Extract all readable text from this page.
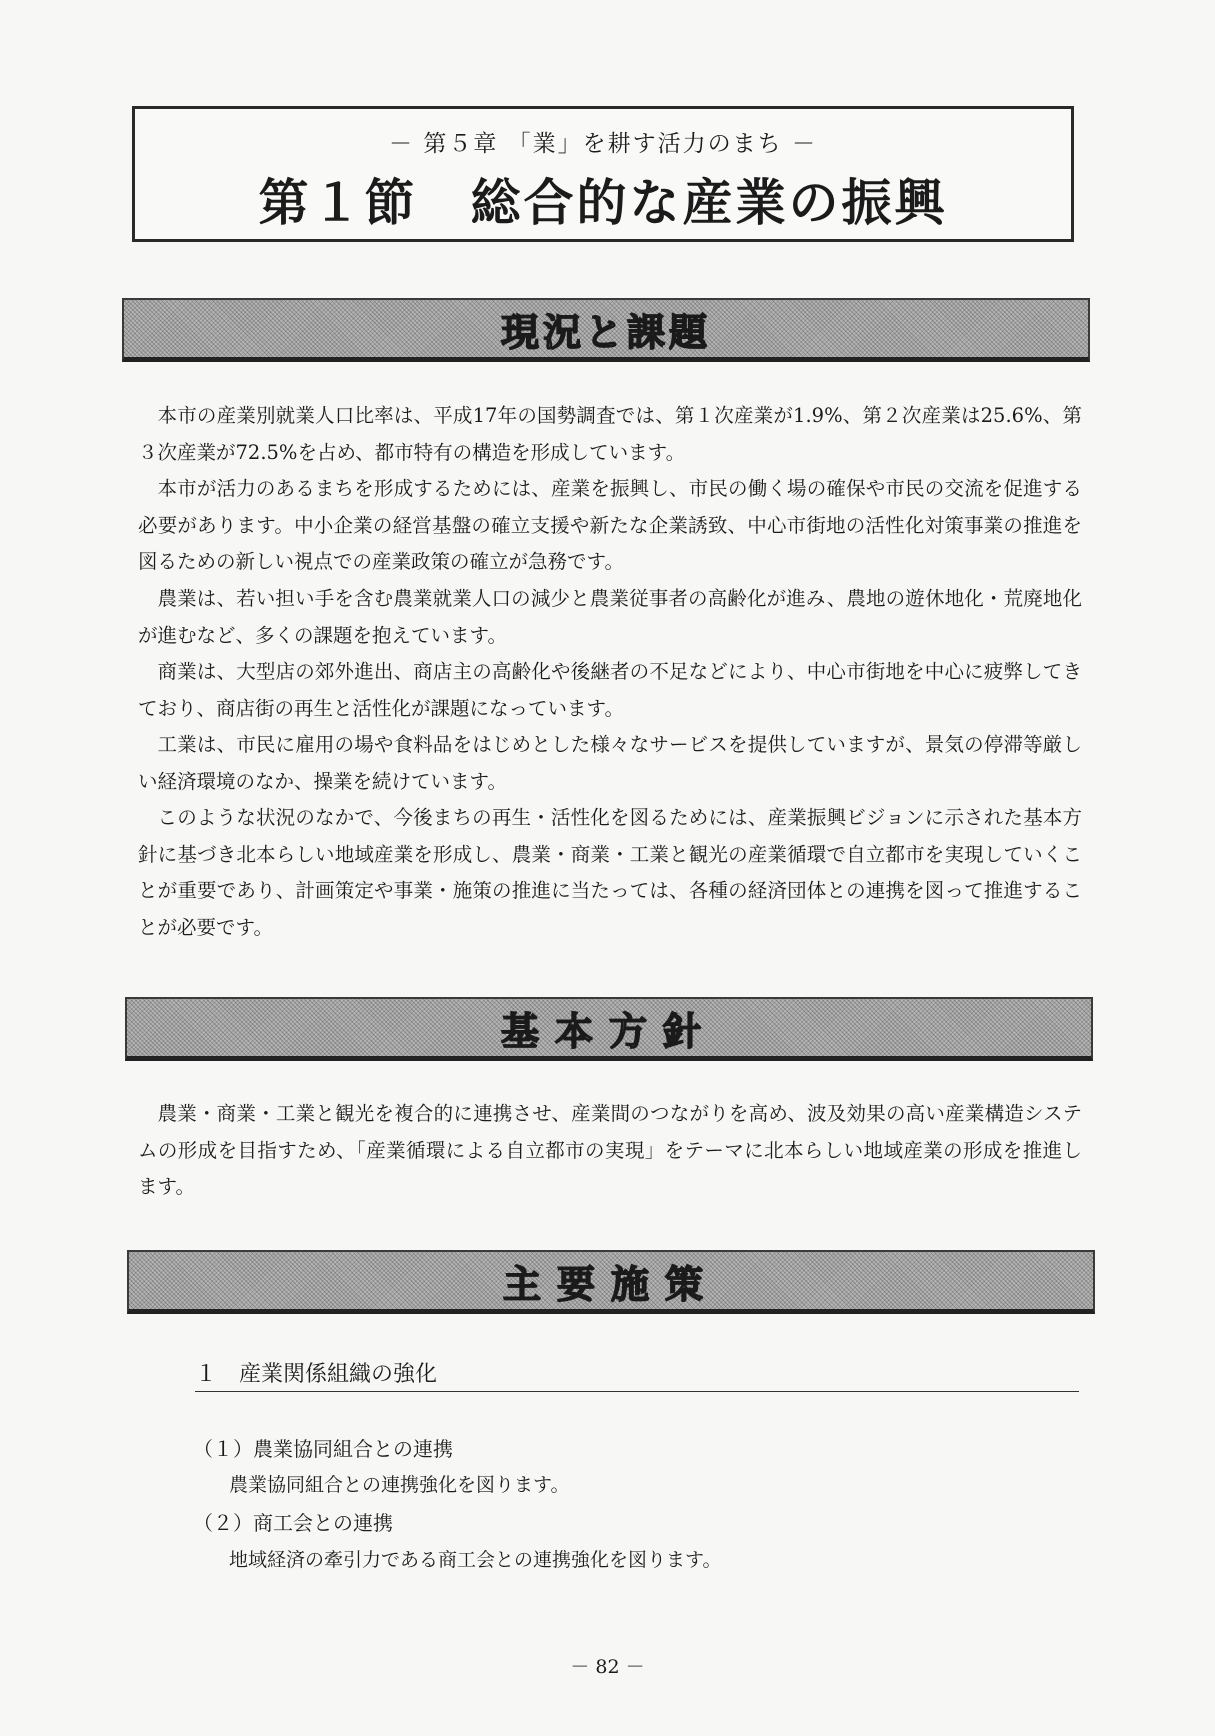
－ 第５章 「業」を耕す活力のまち －
第１節　総合的な産業の振興
現況と課題

本市の産業別就業人口比率は、平成17年の国勢調査では、第１次産業が1.9%、第２次産業は25.6%、第３次産業が72.5%を占め、都市特有の構造を形成しています。

本市が活力のあるまちを形成するためには、産業を振興し、市民の働く場の確保や市民の交流を促進する必要があります。中小企業の経営基盤の確立支援や新たな企業誘致、中心市街地の活性化対策事業の推進を図るための新しい視点での産業政策の確立が急務です。

農業は、若い担い手を含む農業就業人口の減少と農業従事者の高齢化が進み、農地の遊休地化・荒廃地化が進むなど、多くの課題を抱えています。

商業は、大型店の郊外進出、商店主の高齢化や後継者の不足などにより、中心市街地を中心に疲弊してきており、商店街の再生と活性化が課題になっています。

工業は、市民に雇用の場や食料品をはじめとした様々なサービスを提供していますが、景気の停滞等厳しい経済環境のなか、操業を続けています。

このような状況のなかで、今後まちの再生・活性化を図るためには、産業振興ビジョンに示された基本方針に基づき北本らしい地域産業を形成し、農業・商業・工業と観光の産業循環で自立都市を実現していくことが重要であり、計画策定や事業・施策の推進に当たっては、各種の経済団体との連携を図って推進することが必要です。

基本方針

農業・商業・工業と観光を複合的に連携させ、産業間のつながりを高め、波及効果の高い産業構造システムの形成を目指すため、「産業循環による自立都市の実現」をテーマに北本らしい地域産業の形成を推進します。

主要施策
１ 産業関係組織の強化
（１）農業協同組合との連携
農業協同組合との連携強化を図ります。
（２）商工会との連携
地域経済の牽引力である商工会との連携強化を図ります。
－ 82 －
